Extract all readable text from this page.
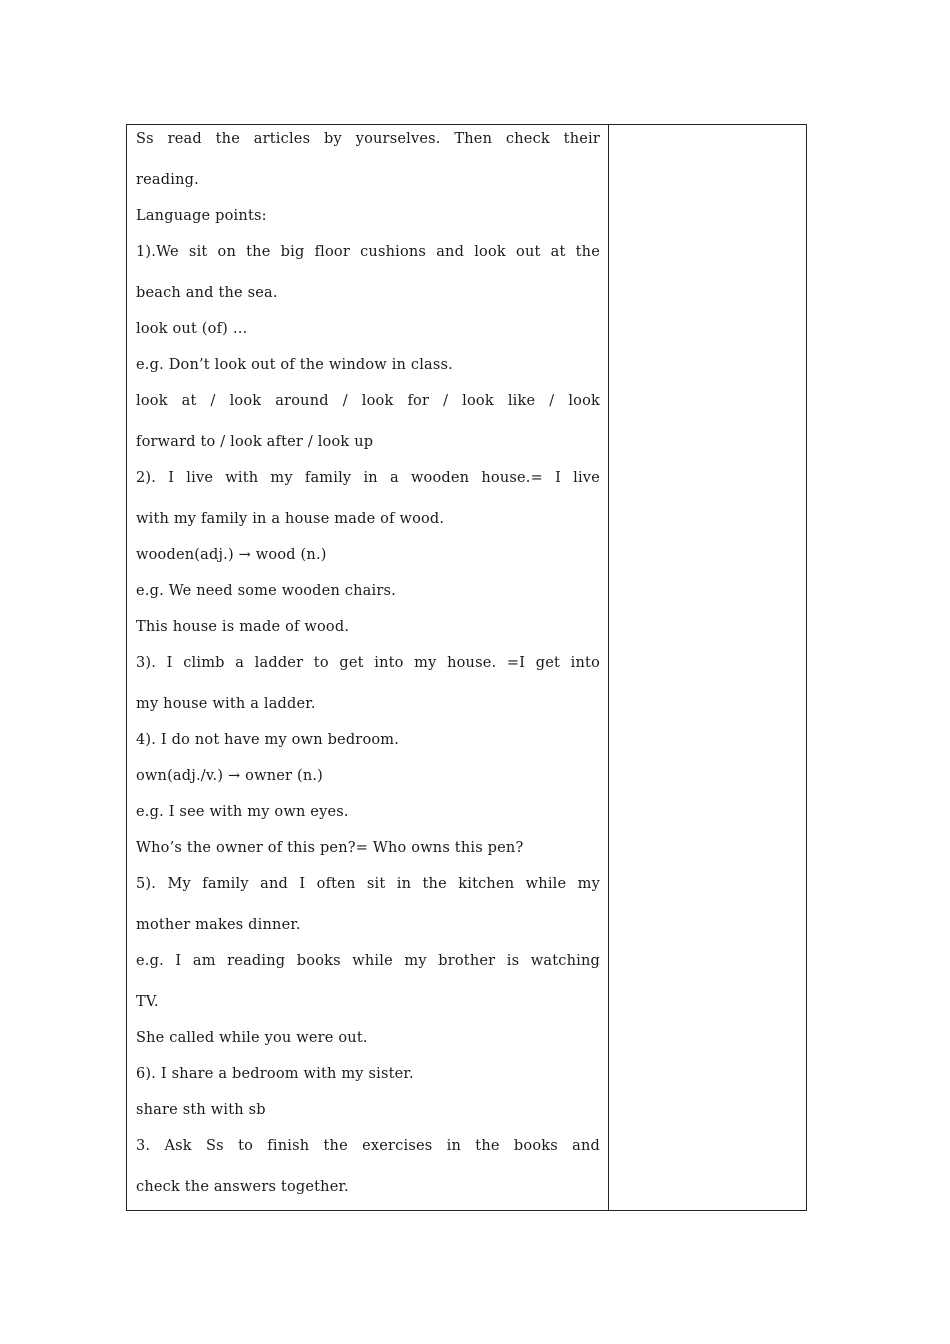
Ss read the articles by yourselves. Then check their
reading.
Language points:
1).We sit on the big floor cushions and look out at the
beach and the sea.
look out (of) …
e.g. Don’t look out of the window in class.
look at / look around / look for / look like / look
forward to / look after / look up
2). I live with my family in a wooden house.= I live
with my family in a house made of wood.
wooden(adj.) → wood (n.)
e.g. We need some wooden chairs.
This house is made of wood.
3). I climb a ladder to get into my house. =I get into
my house with a ladder.
4). I do not have my own bedroom.
own(adj./v.) → owner (n.)
e.g. I see with my own eyes.
Who’s the owner of this pen?= Who owns this pen?
5). My family and I often sit in the kitchen while my
mother makes dinner.
e.g. I am reading books while my brother is watching
TV.
She called while you were out.
6). I share a bedroom with my sister.
share sth with sb
3. Ask Ss to finish the exercises in the books and
check the answers together.
